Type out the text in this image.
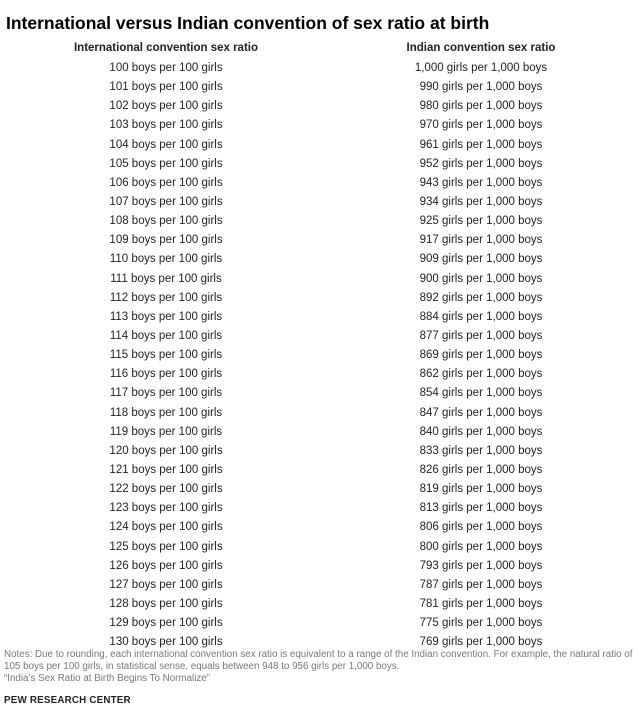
International versus Indian convention of sex ratio at birth
International convention sex ratio	Indian convention sex ratio
100 boys per 100 girls	1,000 girls per 1,000 boys
101 boys per 100 girls	990 girls per 1,000 boys
102 boys per 100 girls	980 girls per 1,000 boys
103 boys per 100 girls	970 girls per 1,000 boys
104 boys per 100 girls	961 girls per 1,000 boys
105 boys per 100 girls	952 girls per 1,000 boys
106 boys per 100 girls	943 girls per 1,000 boys
107 boys per 100 girls	934 girls per 1,000 boys
108 boys per 100 girls	925 girls per 1,000 boys
109 boys per 100 girls	917 girls per 1,000 boys
110 boys per 100 girls	909 girls per 1,000 boys
111 boys per 100 girls	900 girls per 1,000 boys
112 boys per 100 girls	892 girls per 1,000 boys
113 boys per 100 girls	884 girls per 1,000 boys
114 boys per 100 girls	877 girls per 1,000 boys
115 boys per 100 girls	869 girls per 1,000 boys
116 boys per 100 girls	862 girls per 1,000 boys
117 boys per 100 girls	854 girls per 1,000 boys
118 boys per 100 girls	847 girls per 1,000 boys
119 boys per 100 girls	840 girls per 1,000 boys
120 boys per 100 girls	833 girls per 1,000 boys
121 boys per 100 girls	826 girls per 1,000 boys
122 boys per 100 girls	819 girls per 1,000 boys
123 boys per 100 girls	813 girls per 1,000 boys
124 boys per 100 girls	806 girls per 1,000 boys
125 boys per 100 girls	800 girls per 1,000 boys
126 boys per 100 girls	793 girls per 1,000 boys
127 boys per 100 girls	787 girls per 1,000 boys
128 boys per 100 girls	781 girls per 1,000 boys
129 boys per 100 girls	775 girls per 1,000 boys
130 boys per 100 girls	769 girls per 1,000 boys

Notes: Due to rounding, each international convention sex ratio is equivalent to a range of the Indian convention. For example, the natural ratio of 105 boys per 100 girls, in statistical sense, equals between 948 to 956 girls per 1,000 boys.

“India’s Sex Ratio at Birth Begins To Normalize”

PEW RESEARCH CENTER
